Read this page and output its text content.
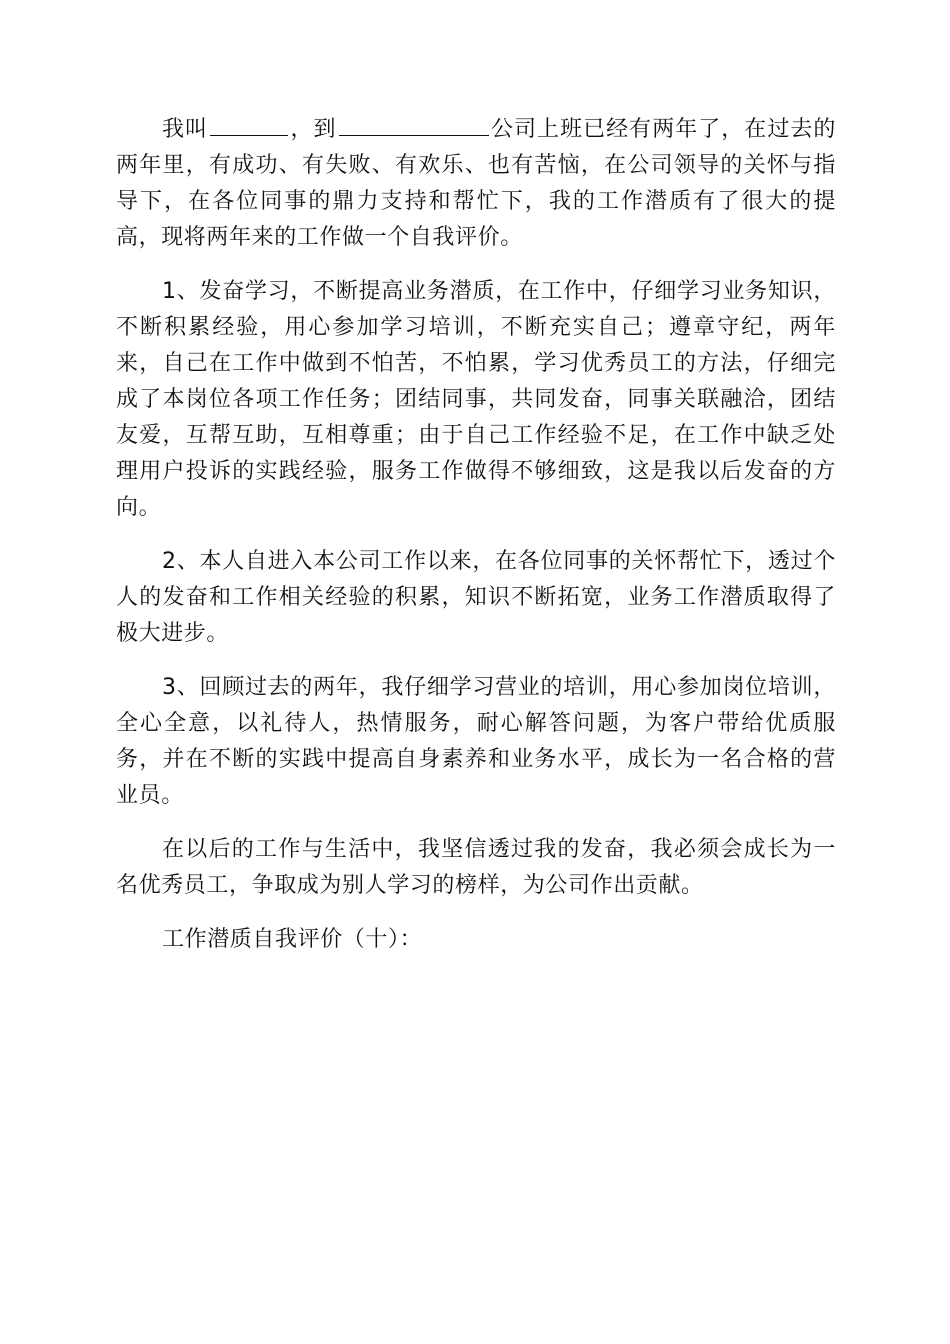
我叫	，到	公司上班已经有两年了，在过去的两年里，有成功、有失败、有欢乐、也有苦恼，在公司领导的关怀与指导下，在各位同事的鼎力支持和帮忙下，我的工作潜质有了很大的提高，现将两年来的工作做一个自我评价。

1、发奋学习，不断提高业务潜质，在工作中，仔细学习业务知识，不断积累经验，用心参加学习培训，不断充实自己；遵章守纪，两年来，自己在工作中做到不怕苦，不怕累，学习优秀员工的方法，仔细完成了本岗位各项工作任务；团结同事，共同发奋，同事关联融洽，团结友爱，互帮互助，互相尊重；由于自己工作经验不足，在工作中缺乏处理用户投诉的实践经验，服务工作做得不够细致，这是我以后发奋的方向。

2、本人自进入本公司工作以来，在各位同事的关怀帮忙下，透过个人的发奋和工作相关经验的积累，知识不断拓宽，业务工作潜质取得了极大进步。

3、回顾过去的两年，我仔细学习营业的培训，用心参加岗位培训，全心全意，以礼待人，热情服务，耐心解答问题，为客户带给优质服务，并在不断的实践中提高自身素养和业务水平，成长为一名合格的营业员。

在以后的工作与生活中，我坚信透过我的发奋，我必须会成长为一名优秀员工，争取成为别人学习的榜样，为公司作出贡献。

工作潜质自我评价（十）：
